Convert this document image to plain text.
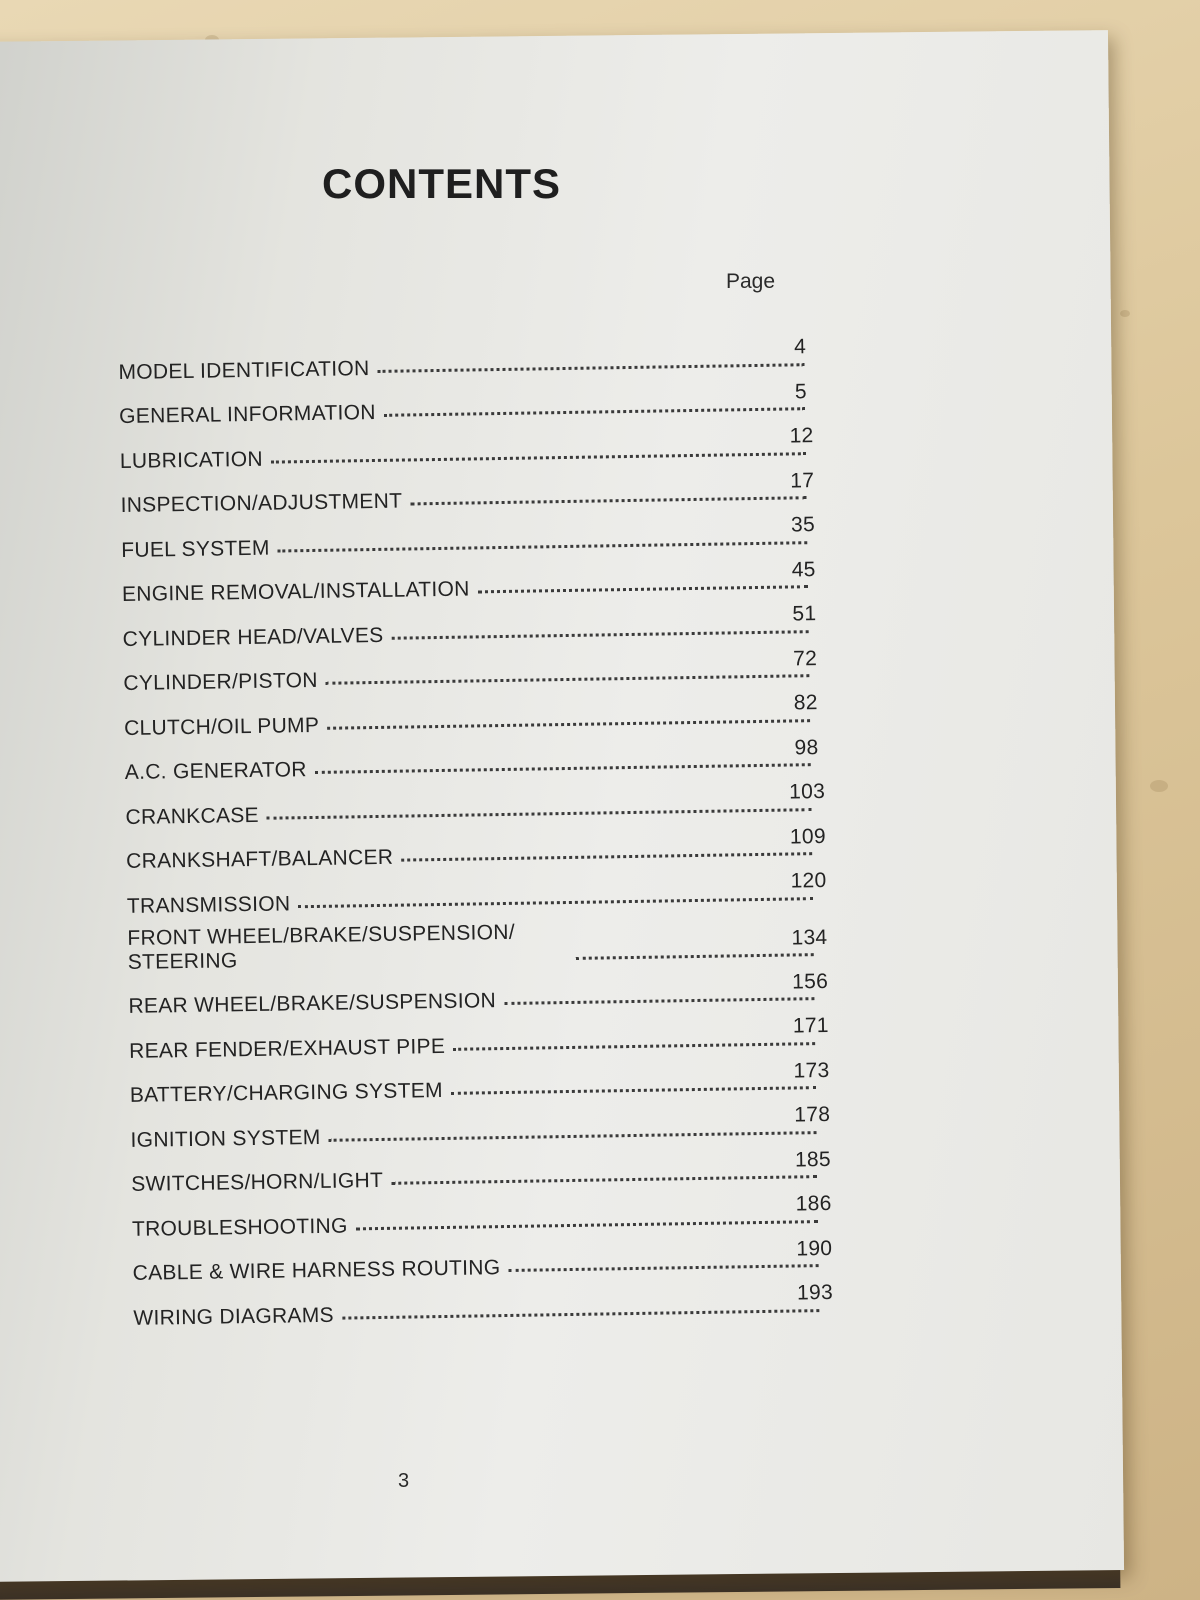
CONTENTS
Page
MODEL IDENTIFICATION
4
GENERAL INFORMATION
5
LUBRICATION
12
INSPECTION/ADJUSTMENT
17
FUEL SYSTEM
35
ENGINE REMOVAL/INSTALLATION
45
CYLINDER HEAD/VALVES
51
CYLINDER/PISTON
72
CLUTCH/OIL PUMP
82
A.C. GENERATOR
98
CRANKCASE
103
CRANKSHAFT/BALANCER
109
TRANSMISSION
120
FRONT WHEEL/BRAKE/SUSPENSION/ STEERING
134
REAR WHEEL/BRAKE/SUSPENSION
156
REAR FENDER/EXHAUST PIPE
171
BATTERY/CHARGING SYSTEM
173
IGNITION SYSTEM
178
SWITCHES/HORN/LIGHT
185
TROUBLESHOOTING
186
CABLE & WIRE HARNESS ROUTING
190
WIRING DIAGRAMS
193
3
